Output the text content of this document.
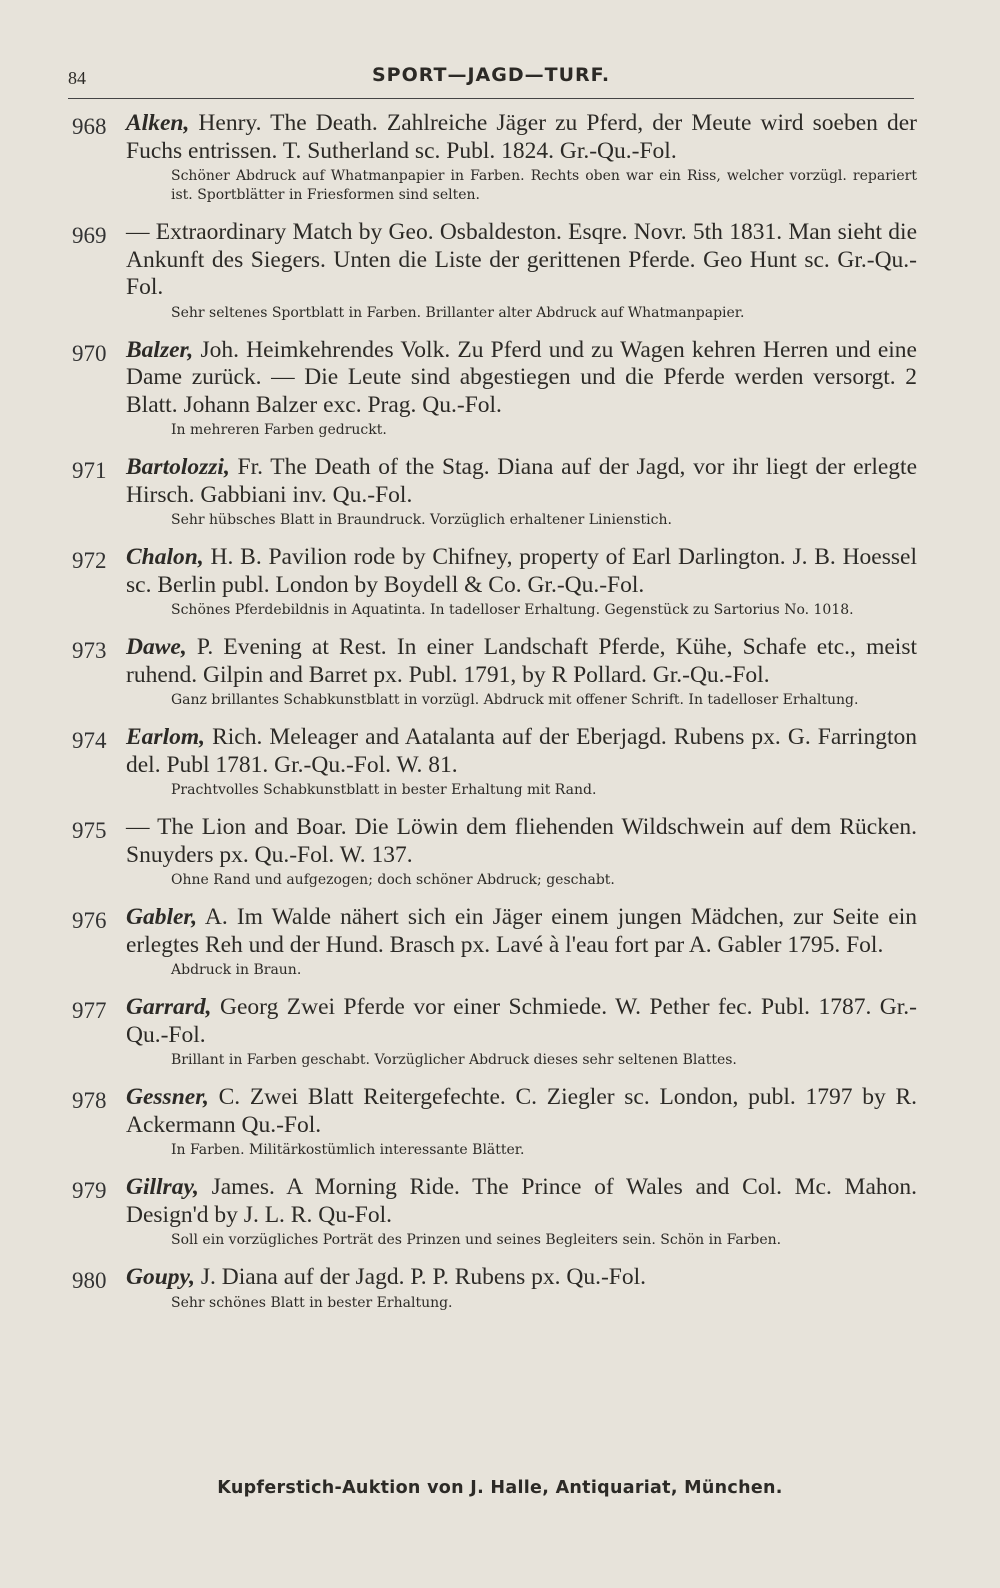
84	SPORT—JAGD—TURF.
968 Alken, Henry. The Death. Zahlreiche Jäger zu Pferd, der Meute wird soeben der Fuchs entrissen. T. Sutherland sc. Publ. 1824. Gr.-Qu.-Fol.
Schöner Abdruck auf Whatmanpapier in Farben. Rechts oben war ein Riss, welcher vorzügl. repariert ist. Sportblätter in Friesformen sind selten.
969 — Extraordinary Match by Geo. Osbaldeston. Esqre. Novr. 5th 1831. Man sieht die Ankunft des Siegers. Unten die Liste der gerittenen Pferde. Geo Hunt sc. Gr.-Qu.-Fol.
Sehr seltenes Sportblatt in Farben. Brillanter alter Abdruck auf Whatmanpapier.
970 Balzer, Joh. Heimkehrendes Volk. Zu Pferd und zu Wagen kehren Herren und eine Dame zurück. — Die Leute sind abgestiegen und die Pferde werden versorgt. 2 Blatt. Johann Balzer exc. Prag. Qu.-Fol.
In mehreren Farben gedruckt.
971 Bartolozzi, Fr. The Death of the Stag. Diana auf der Jagd, vor ihr liegt der erlegte Hirsch. Gabbiani inv. Qu.-Fol.
Sehr hübsches Blatt in Braundruck. Vorzüglich erhaltener Linienstich.
972 Chalon, H. B. Pavilion rode by Chifney, property of Earl Darlington. J. B. Hoessel sc. Berlin publ. London by Boydell & Co. Gr.-Qu.-Fol.
Schönes Pferdebildnis in Aquatinta. In tadelloser Erhaltung. Gegenstück zu Sartorius No. 1018.
973 Dawe, P. Evening at Rest. In einer Landschaft Pferde, Kühe, Schafe etc., meist ruhend. Gilpin and Barret px. Publ. 1791, by R Pollard. Gr.-Qu.-Fol.
Ganz brillantes Schabkunstblatt in vorzügl. Abdruck mit offener Schrift. In tadelloser Erhaltung.
974 Earlom, Rich. Meleager and Aatalanta auf der Eberjagd. Rubens px. G. Farrington del. Publ 1781. Gr.-Qu.-Fol. W. 81.
Prachtvolles Schabkunstblatt in bester Erhaltung mit Rand.
975 — The Lion and Boar. Die Löwin dem fliehenden Wildschwein auf dem Rücken. Snuyders px. Qu.-Fol. W. 137.
Ohne Rand und aufgezogen; doch schöner Abdruck; geschabt.
976 Gabler, A. Im Walde nähert sich ein Jäger einem jungen Mädchen, zur Seite ein erlegtes Reh und der Hund. Brasch px. Lavé à l'eau fort par A. Gabler 1795. Fol.
Abdruck in Braun.
977 Garrard, Georg Zwei Pferde vor einer Schmiede. W. Pether fec. Publ. 1787. Gr.-Qu.-Fol.
Brillant in Farben geschabt. Vorzüglicher Abdruck dieses sehr seltenen Blattes.
978 Gessner, C. Zwei Blatt Reitergefechte. C. Ziegler sc. London, publ. 1797 by R. Ackermann Qu.-Fol.
In Farben. Militärkostümlich interessante Blätter.
979 Gillray, James. A Morning Ride. The Prince of Wales and Col. Mc. Mahon. Design'd by J. L. R. Qu-Fol.
Soll ein vorzügliches Porträt des Prinzen und seines Begleiters sein. Schön in Farben.
980 Goupy, J. Diana auf der Jagd. P. P. Rubens px. Qu.-Fol.
Sehr schönes Blatt in bester Erhaltung.
Kupferstich-Auktion von J. Halle, Antiquariat, München.
